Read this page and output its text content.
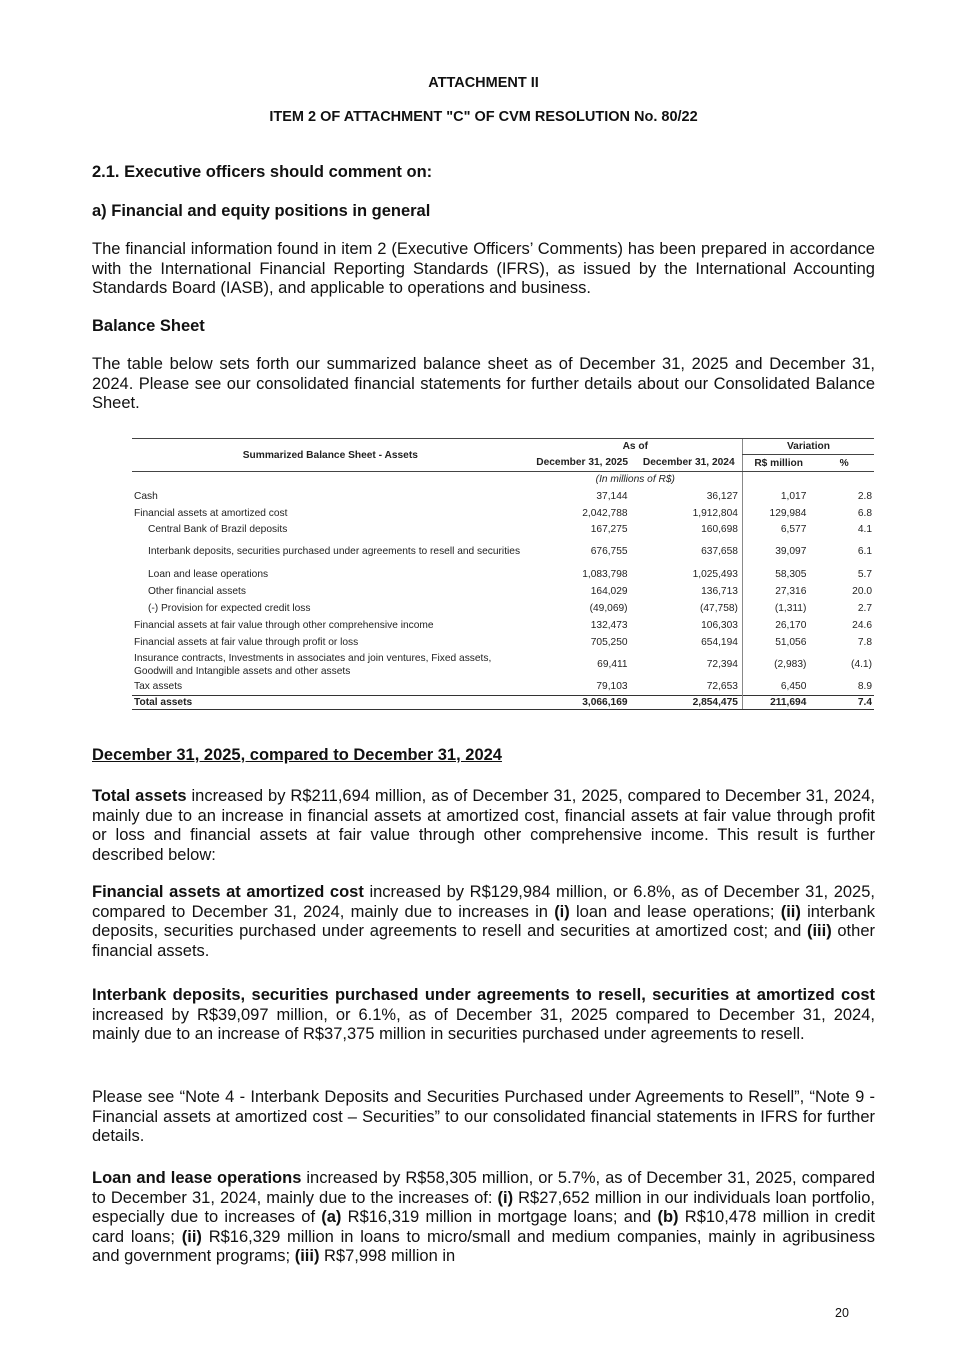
ATTACHMENT II
ITEM 2 OF ATTACHMENT "C" OF CVM RESOLUTION No. 80/22
2.1. Executive officers should comment on:
a) Financial and equity positions in general

The financial information found in item 2 (Executive Officers’ Comments) has been prepared in accordance with the International Financial Reporting Standards (IFRS), as issued by the International Accounting Standards Board (IASB), and applicable to operations and business.

Balance Sheet

The table below sets forth our summarized balance sheet as of December 31, 2025 and December 31, 2024. Please see our consolidated financial statements for further details about our Consolidated Balance Sheet.

December 31, 2025, compared to December 31, 2024

Total assets increased by R$211,694 million, as of December 31, 2025, compared to December 31, 2024, mainly due to an increase in financial assets at amortized cost, financial assets at fair value through profit or loss and financial assets at fair value through other comprehensive income. This result is further described below:

Financial assets at amortized cost increased by R$129,984 million, or 6.8%, as of December 31, 2025, compared to December 31, 2024, mainly due to increases in (i) loan and lease operations; (ii) interbank deposits, securities purchased under agreements to resell and securities at amortized cost; and (iii) other financial assets.

Interbank deposits, securities purchased under agreements to resell, securities at amortized cost increased by R$39,097 million, or 6.1%, as of December 31, 2025 compared to December 31, 2024, mainly due to an increase of R$37,375 million in securities purchased under agreements to resell.

Please see “Note 4 - Interbank Deposits and Securities Purchased under Agreements to Resell”, “Note 9 - Financial assets at amortized cost – Securities” to our consolidated financial statements in IFRS for further details.

Loan and lease operations increased by R$58,305 million, or 5.7%, as of December 31, 2025, compared to December 31, 2024, mainly due to the increases of: (i) R$27,652 million in our individuals loan portfolio, especially due to increases of (a) R$16,319 million in mortgage loans; and (b) R$10,478 million in credit card loans; (ii) R$16,329 million in loans to micro/small and medium companies, mainly in agribusiness and government programs; (iii) R$7,998 million in

Summarized Balance Sheet - Assets	As of		Variation	
	December 31, 2025	December 31, 2024	R$ million	%
	(In millions of R$)			
Cash	37,144	36,127	1,017	2.8
Financial assets at amortized cost	2,042,788	1,912,804	129,984	6.8
Central Bank of Brazil deposits	167,275	160,698	6,577	4.1
Interbank deposits, securities purchased under agreements to resell and securities	676,755	637,658	39,097	6.1
Loan and lease operations	1,083,798	1,025,493	58,305	5.7
Other financial assets	164,029	136,713	27,316	20.0
(-) Provision for expected credit loss	(49,069)	(47,758)	(1,311)	2.7
Financial assets at fair value through other comprehensive income	132,473	106,303	26,170	24.6
Financial assets at fair value through profit or loss	705,250	654,194	51,056	7.8
Insurance contracts, Investments in associates and join ventures, Fixed assets, Goodwill and Intangible assets and other assets	69,411	72,394	(2,983)	(4.1)
Tax assets	79,103	72,653	6,450	8.9
Total assets	3,066,169	2,854,475	211,694	7.4
20
